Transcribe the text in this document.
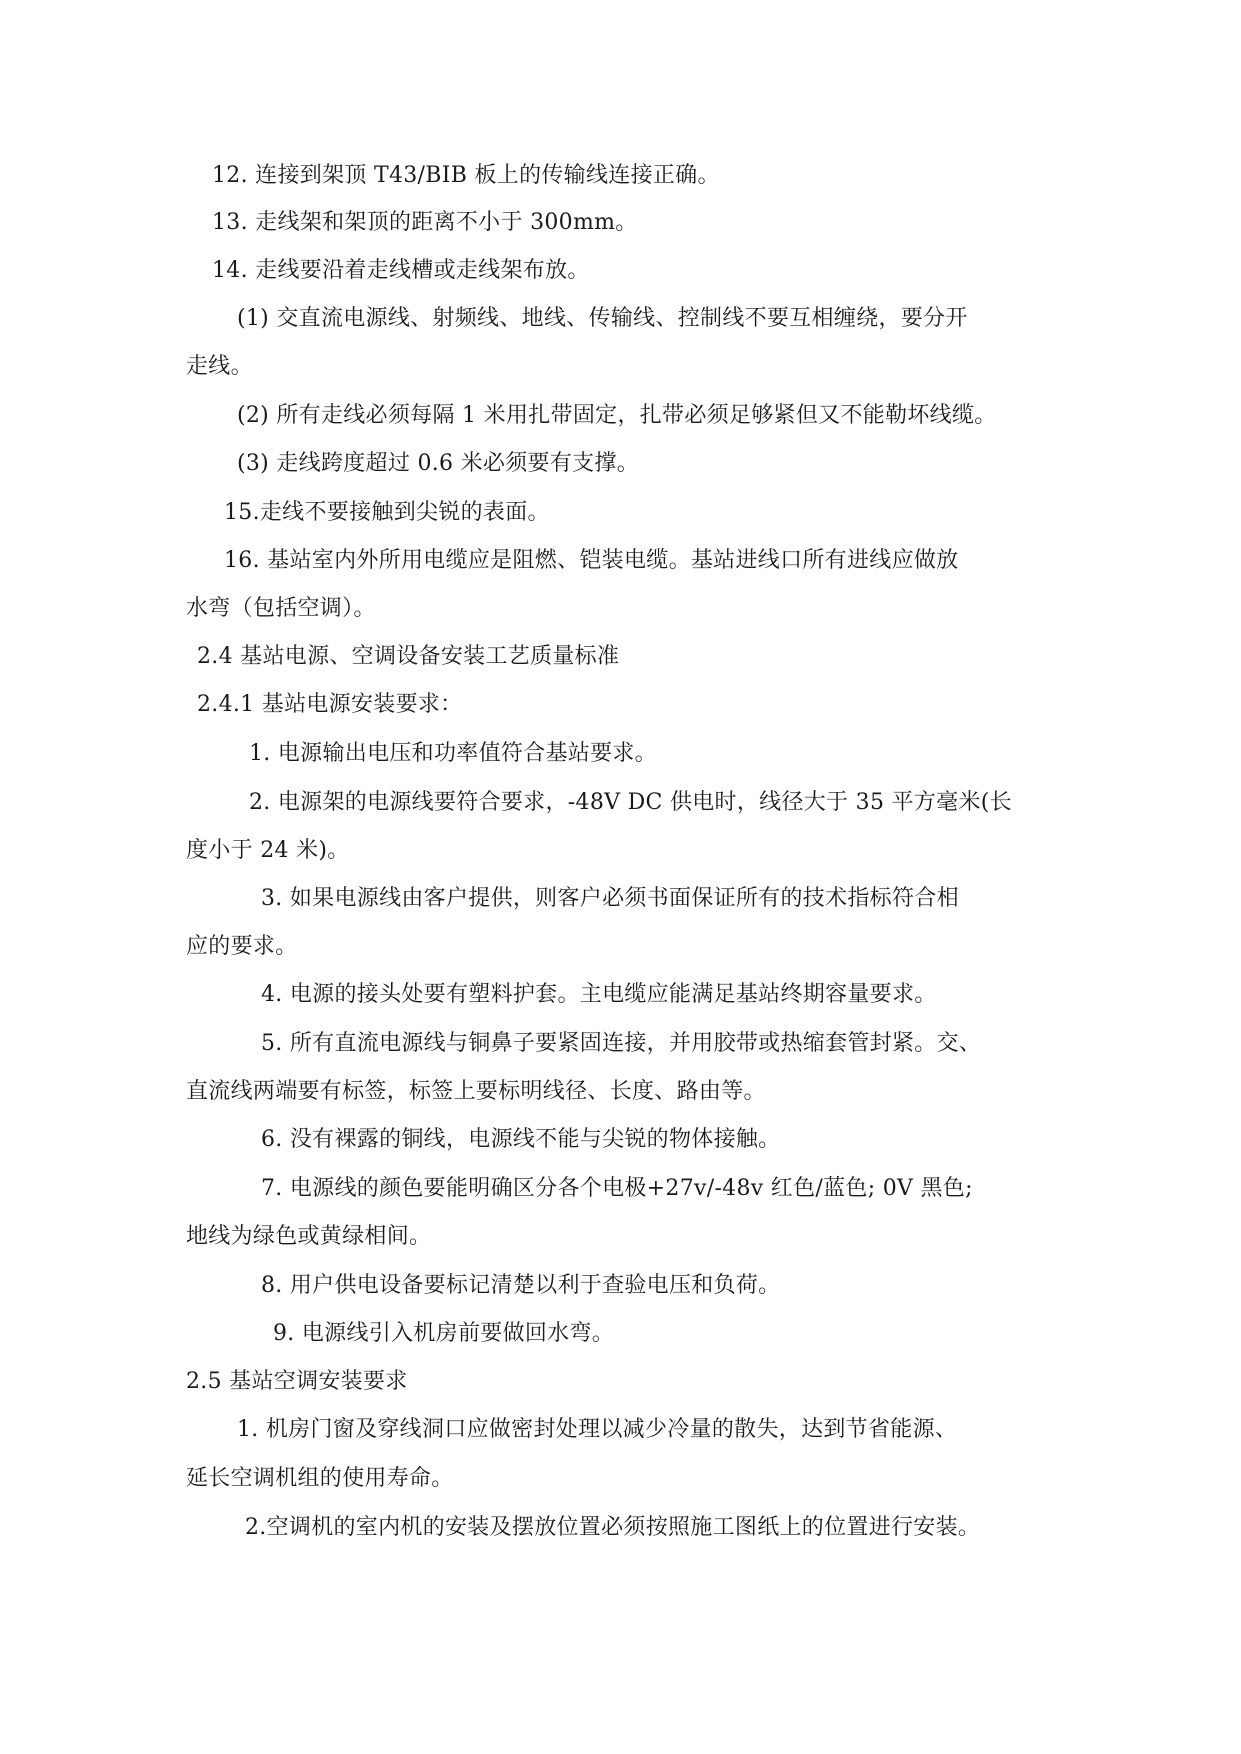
12. 连接到架顶 T43/BIB 板上的传输线连接正确。
13. 走线架和架顶的距离不小于 300mm。
14. 走线要沿着走线槽或走线架布放。
(1) 交直流电源线、射频线、地线、传输线、控制线不要互相缠绕，要分开
走线。
(2) 所有走线必须每隔 1 米用扎带固定，扎带必须足够紧但又不能勒坏线缆。
(3) 走线跨度超过 0.6 米必须要有支撑。
15.走线不要接触到尖锐的表面。
16. 基站室内外所用电缆应是阻燃、铠装电缆。基站进线口所有进线应做放
水弯（包括空调）。
2.4 基站电源、空调设备安装工艺质量标准
2.4.1 基站电源安装要求：
1. 电源输出电压和功率值符合基站要求。
2. 电源架的电源线要符合要求，-48V DC 供电时，线径大于 35 平方毫米(长
度小于 24 米)。
3. 如果电源线由客户提供，则客户必须书面保证所有的技术指标符合相
应的要求。
4. 电源的接头处要有塑料护套。主电缆应能满足基站终期容量要求。
5. 所有直流电源线与铜鼻子要紧固连接，并用胶带或热缩套管封紧。交、
直流线两端要有标签，标签上要标明线径、长度、路由等。
6. 没有裸露的铜线，电源线不能与尖锐的物体接触。
7. 电源线的颜色要能明确区分各个电极+27v/-48v 红色/蓝色; 0V 黑色;
地线为绿色或黄绿相间。
8. 用户供电设备要标记清楚以利于查验电压和负荷。
9. 电源线引入机房前要做回水弯。
2.5 基站空调安装要求
1. 机房门窗及穿线洞口应做密封处理以减少冷量的散失，达到节省能源、
延长空调机组的使用寿命。
2.空调机的室内机的安装及摆放位置必须按照施工图纸上的位置进行安装。
